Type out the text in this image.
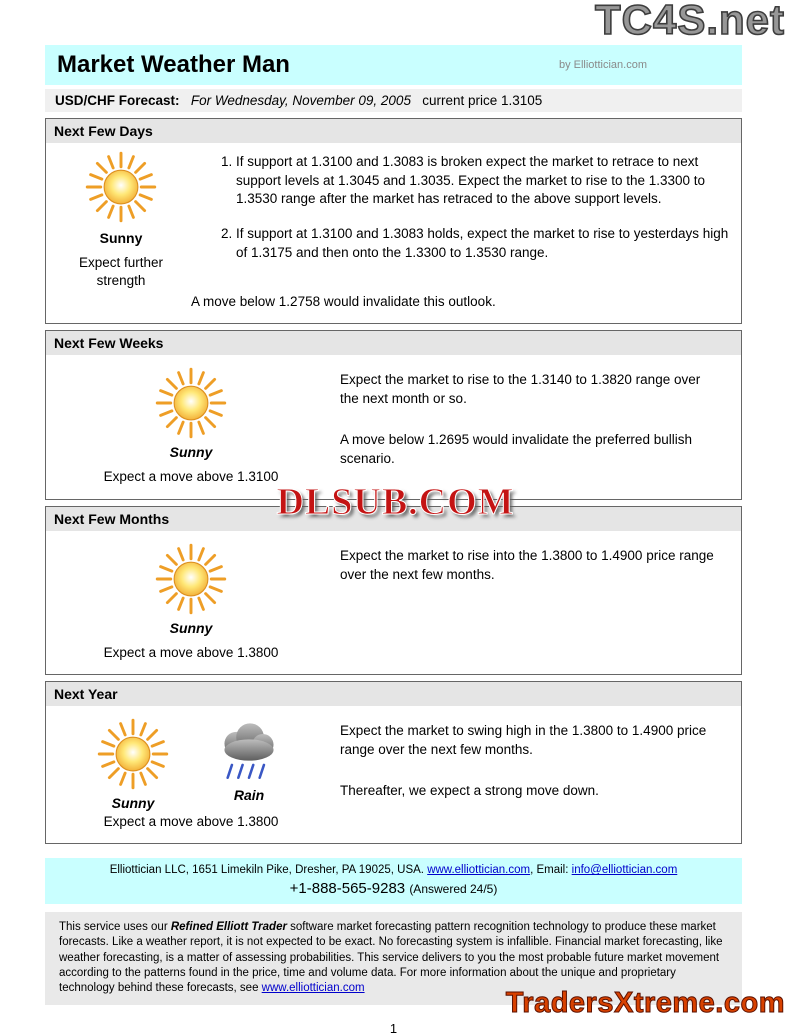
TC4S.net
DLSUB.COM
TradersXtreme.com
Market Weather Man	by Elliottician.com
USD/CHF Forecast: For Wednesday, November 09, 2005 current price 1.3105
Next Few Days
Sunny
Expect further
strength
1. If support at 1.3100 and 1.3083 is broken expect the market to retrace to next support levels at 1.3045 and 1.3035. Expect the market to rise to the 1.3300 to 1.3530 range after the market has retraced to the above support levels.
2. If support at 1.3100 and 1.3083 holds, expect the market to rise to yesterdays high of 1.3175 and then onto the 1.3300 to 1.3530 range.
A move below 1.2758 would invalidate this outlook.
Next Few Weeks
Sunny
Expect a move above 1.3100
Expect the market to rise to the 1.3140 to 1.3820 range over the next month or so.
A move below 1.2695 would invalidate the preferred bullish scenario.
Next Few Months
Sunny
Expect a move above 1.3800
Expect the market to rise into the 1.3800 to 1.4900 price range over the next few months.
Next Year
Sunny	Rain
Expect a move above 1.3800
Expect the market to swing high in the 1.3800 to 1.4900 price range over the next few months.
Thereafter, we expect a strong move down.
Elliottician LLC, 1651 Limekiln Pike, Dresher, PA 19025, USA. www.elliottician.com, Email: info@elliottician.com
+1-888-565-9283 (Answered 24/5)
This service uses our Refined Elliott Trader software market forecasting pattern recognition technology to produce these market forecasts. Like a weather report, it is not expected to be exact. No forecasting system is infallible. Financial market forecasting, like weather forecasting, is a matter of assessing probabilities. This service delivers to you the most probable future market movement according to the patterns found in the price, time and volume data. For more information about the unique and proprietary technology behind these forecasts, see www.elliottician.com
1
